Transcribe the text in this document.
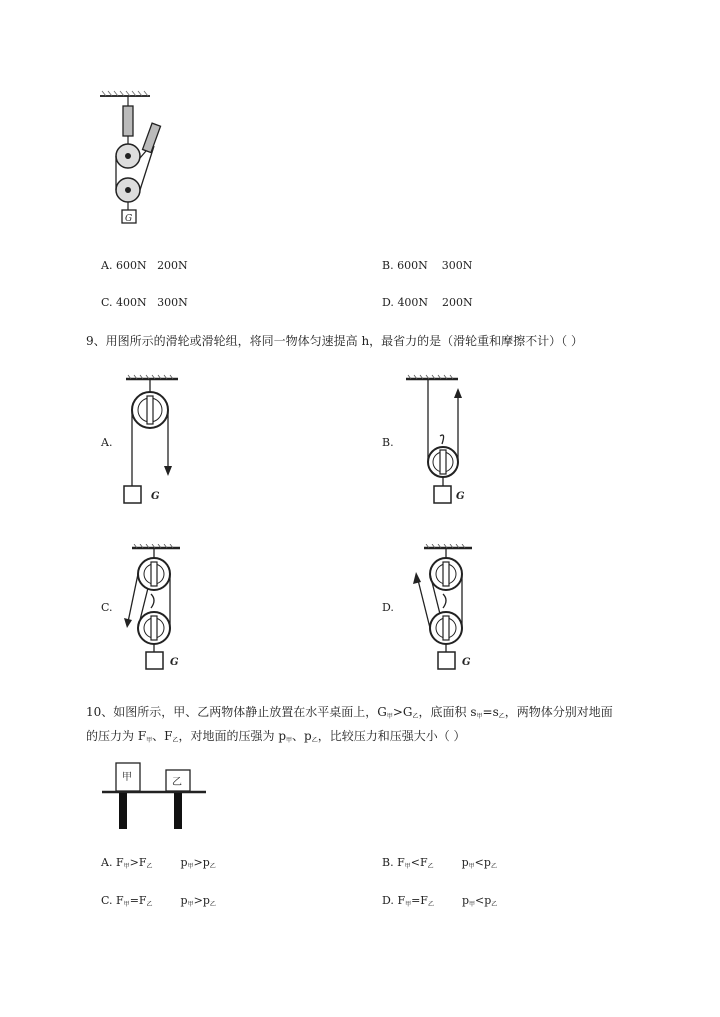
G
A. 600N   200N	B. 600N    300N
C. 400N   300N	D. 400N    200N
9、用图所示的滑轮或滑轮组，将同一物体匀速提高 h，最省力的是（滑轮重和摩擦不计）（ ）
A.
G
B.
G
C.
G
D.
G
10、如图所示，甲、乙两物体静止放置在水平桌面上，$G_甲>G_乙$，底面积 $s_甲=s_乙$，两物体分别对地面
的压力为 $F_甲$、$F_乙$，对地面的压强为 $p_甲$、$p_乙$，比较压力和压强大小（ ）
甲	乙
A. $F_甲>F_乙$	$p_甲>p_乙$	B. $F_甲<F_乙$	$p_甲<p_乙$
C. $F_甲=F_乙$	$p_甲>p_乙$	D. $F_甲=F_乙$	$p_甲<p_乙$
